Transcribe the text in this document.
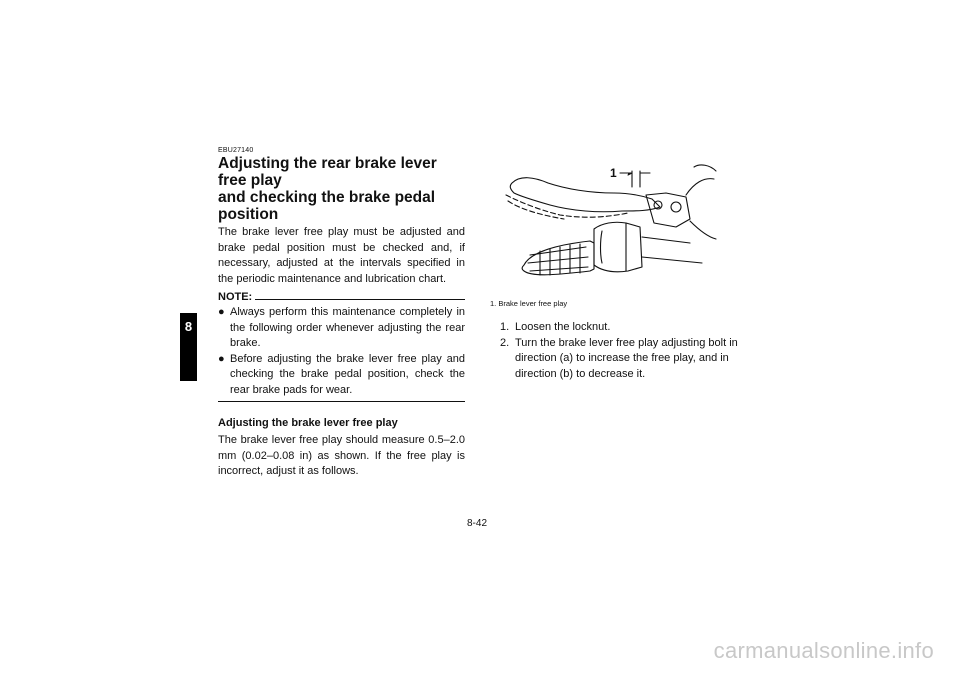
8
EBU27140
Adjusting the rear brake lever free play
and checking the brake pedal position

The brake lever free play must be adjusted and brake pedal position must be checked and, if necessary, adjusted at the intervals specified in the periodic maintenance and lubrication chart.

NOTE:
● Always perform this maintenance completely in the following order whenever adjusting the rear brake.
● Before adjusting the brake lever free play and checking the brake pedal position, check the rear brake pads for wear.
Adjusting the brake lever free play

The brake lever free play should measure 0.5–2.0 mm (0.02–0.08 in) as shown. If the free play is incorrect, adjust it as follows.

1
1. Brake lever free play
1. Loosen the locknut.
2. Turn the brake lever free play adjusting bolt in direction (a) to increase the free play, and in direction (b) to decrease it.
8-42
carmanualsonline.info
